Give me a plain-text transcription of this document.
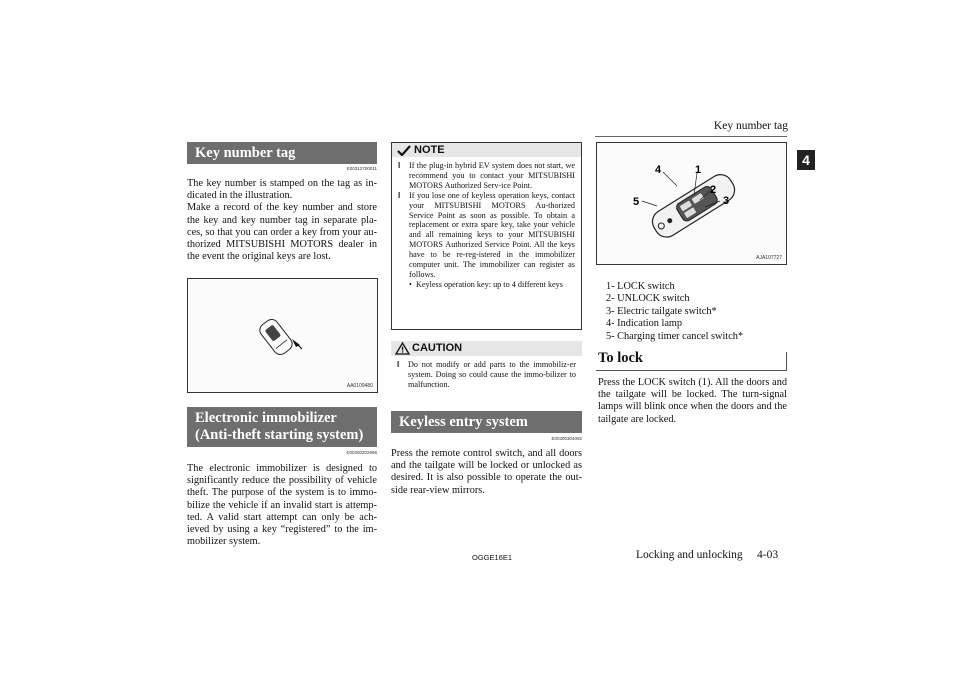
Key number tag
4
Key number tag
E00312700011
The key number is stamped on the tag as in-dicated in the illustration.
Make a record of the key number and store the key and key number tag in separate pla-ces, so that you can order a key from your au-thorized MITSUBISHI MOTORS dealer in the event the original keys are lost.
AA0109480
Electronic immobilizer
(Anti-theft starting system)
E00300202996
The electronic immobilizer is designed to significantly reduce the possibility of vehicle theft. The purpose of the system is to immo-bilize the vehicle if an invalid start is attemp-ted. A valid start attempt can only be ach-ieved by using a key “registered” to the im-mobilizer system.
NOTE
l If the plug-in hybrid EV system does not start, we recommend you to contact your MITSUBISHI MOTORS Authorized Serv-ice Point.
l If you lose one of keyless operation keys, contact your MITSUBISHI MOTORS Au-thorized Service Point as soon as possible. To obtain a replacement or extra spare key, take your vehicle and all remaining keys to your MITSUBISHI MOTORS Authorized Service Point. All the keys have to be re-reg-istered in the immobilizer computer unit. The immobilizer can register as follows.
• Keyless operation key: up to 4 different keys
CAUTION
l Do not modify or add parts to the immobiliz-er system. Doing so could cause the immo-bilizer to malfunction.
Keyless entry system
E00300304092
Press the remote control switch, and all doors and the tailgate will be locked or unlocked as desired. It is also possible to operate the out-side rear-view mirrors.
1
2
3
4
5
AJA107727
1- LOCK switch
2- UNLOCK switch
3- Electric tailgate switch*
4- Indication lamp
5- Charging timer cancel switch*
To lock
Press the LOCK switch (1). All the doors and the tailgate will be locked. The turn-signal lamps will blink once when the doors and the tailgate are locked.
OGGE16E1	Locking and unlocking 4-03
